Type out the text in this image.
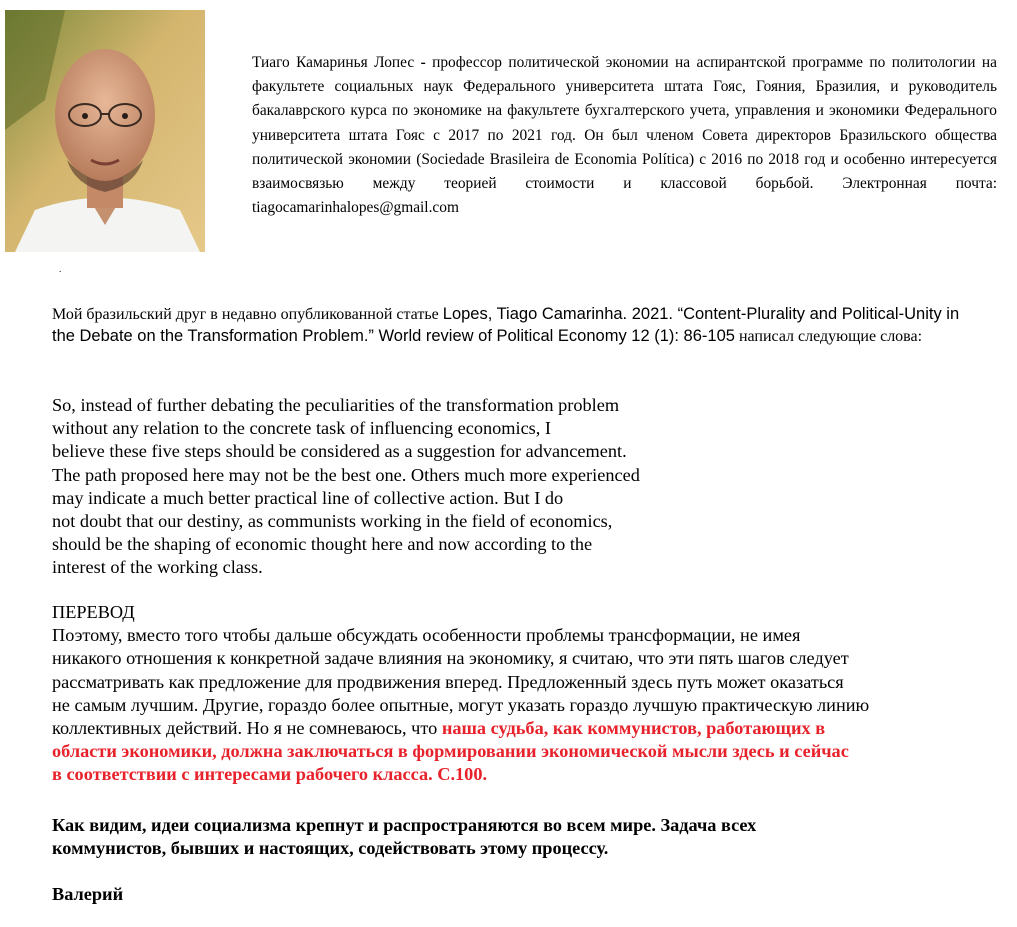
Тиаго Камаринья Лопес - профессор политической экономии на аспирантской программе по политологии на факультете социальных наук Федерального университета штата Гояс, Гояния, Бразилия, и руководитель бакалаврского курса по экономике на факультете бухгалтерского учета, управления и экономики Федерального университета штата Гояс с 2017 по 2021 год. Он был членом Совета директоров Бразильского общества политической экономии (Sociedade Brasileira de Economia Política) с 2016 по 2018 год и особенно интересуется взаимосвязью между теорией стоимости и классовой борьбой. Электронная почта: tiagocamarinhalopes@gmail.com
.
Мой бразильский друг в недавно опубликованной статье Lopes, Tiago Camarinha. 2021. “Content-Plurality and Political-Unity in the Debate on the Transformation Problem.” World review of Political Economy 12 (1): 86-105 написал следующие слова:
So, instead of further debating the peculiarities of the transformation problem
without any relation to the concrete task of influencing economics, I
believe these five steps should be considered as a suggestion for advancement.
The path proposed here may not be the best one. Others much more experienced
may indicate a much better practical line of collective action. But I do
not doubt that our destiny, as communists working in the field of economics,
should be the shaping of economic thought here and now according to the
interest of the working class.
ПЕРЕВОД
Поэтому, вместо того чтобы дальше обсуждать особенности проблемы трансформации, не имея
никакого отношения к конкретной задаче влияния на экономику, я считаю, что эти пять шагов следует
рассматривать как предложение для продвижения вперед. Предложенный здесь путь может оказаться
не самым лучшим. Другие, гораздо более опытные, могут указать гораздо лучшую практическую линию
коллективных действий. Но я не сомневаюсь, что наша судьба, как коммунистов, работающих в
области экономики, должна заключаться в формировании экономической мысли здесь и сейчас
в соответствии с интересами рабочего класса. С.100.
Как видим, идеи социализма крепнут и распространяются во всем мире. Задача всех
коммунистов, бывших и настоящих, содействовать этому процессу.
Валерий
